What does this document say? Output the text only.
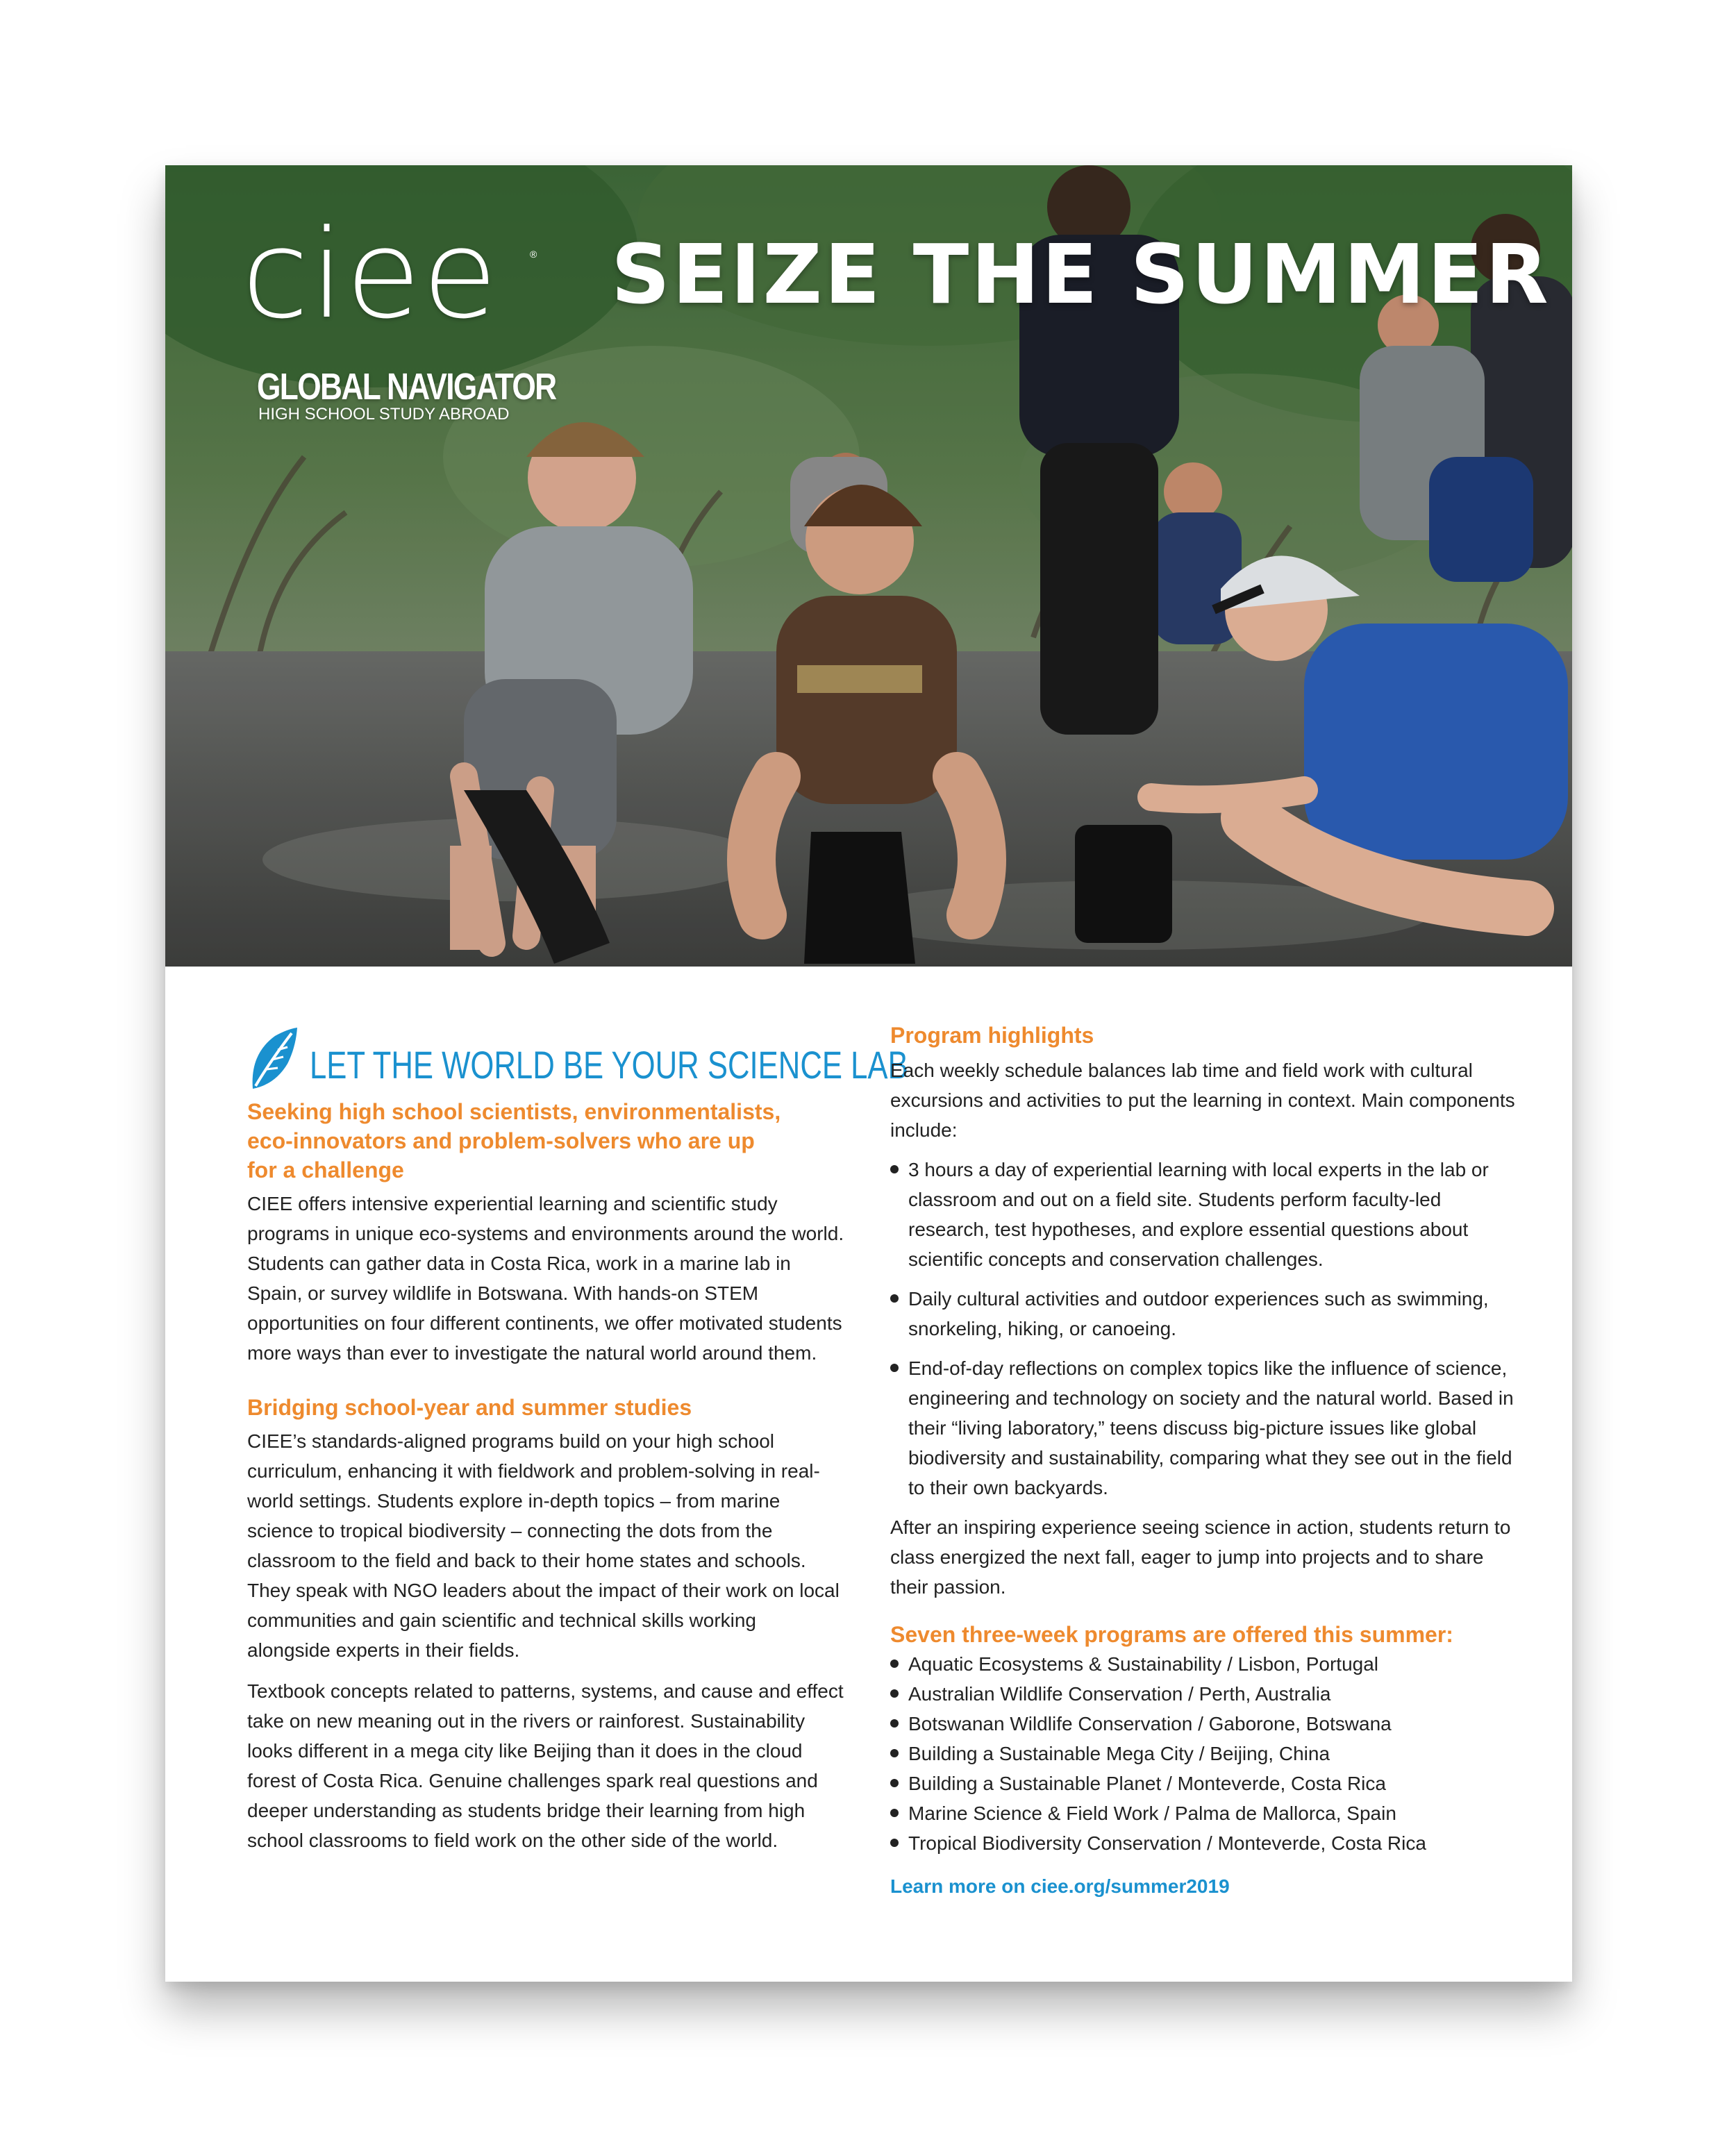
ciee	®
GLOBAL NAVIGATOR
HIGH SCHOOL STUDY ABROAD
SEIZE THE SUMMER
LET THE WORLD BE YOUR SCIENCE LAB

Seeking high school scientists, environmentalists, eco-innovators and problem-solvers who are up for a challenge

CIEE offers intensive experiential learning and scientific study programs in unique eco-systems and environments around the world. Students can gather data in Costa Rica, work in a marine lab in Spain, or survey wildlife in Botswana. With hands-on STEM opportunities on four different continents, we offer motivated students more ways than ever to investigate the natural world around them.

Bridging school-year and summer studies

CIEE’s standards-aligned programs build on your high school curriculum, enhancing it with fieldwork and problem-solving in real-world settings. Students explore in-depth topics – from marine science to tropical biodiversity – connecting the dots from the classroom to the field and back to their home states and schools. They speak with NGO leaders about the impact of their work on local communities and gain scientific and technical skills working alongside experts in their fields.

Textbook concepts related to patterns, systems, and cause and effect take on new meaning out in the rivers or rainforest. Sustainability looks different in a mega city like Beijing than it does in the cloud forest of Costa Rica. Genuine challenges spark real questions and deeper understanding as students bridge their learning from high school classrooms to field work on the other side of the world.

Program highlights

Each weekly schedule balances lab time and field work with cultural excursions and activities to put the learning in context. Main components include:

3 hours a day of experiential learning with local experts in the lab or classroom and out on a field site. Students perform faculty-led research, test hypotheses, and explore essential questions about scientific concepts and conservation challenges.
Daily cultural activities and outdoor experiences such as swimming, snorkeling, hiking, or canoeing.
End-of-day reflections on complex topics like the influence of science, engineering and technology on society and the natural world. Based in their “living laboratory,” teens discuss big-picture issues like global biodiversity and sustainability, comparing what they see out in the field to their own backyards.

After an inspiring experience seeing science in action, students return to class energized the next fall, eager to jump into projects and to share their passion.

Seven three-week programs are offered this summer:

Aquatic Ecosystems & Sustainability / Lisbon, Portugal
Australian Wildlife Conservation / Perth, Australia
Botswanan Wildlife Conservation / Gaborone, Botswana
Building a Sustainable Mega City / Beijing, China
Building a Sustainable Planet / Monteverde, Costa Rica
Marine Science & Field Work / Palma de Mallorca, Spain
Tropical Biodiversity Conservation / Monteverde, Costa Rica

Learn more on ciee.org/summer2019
